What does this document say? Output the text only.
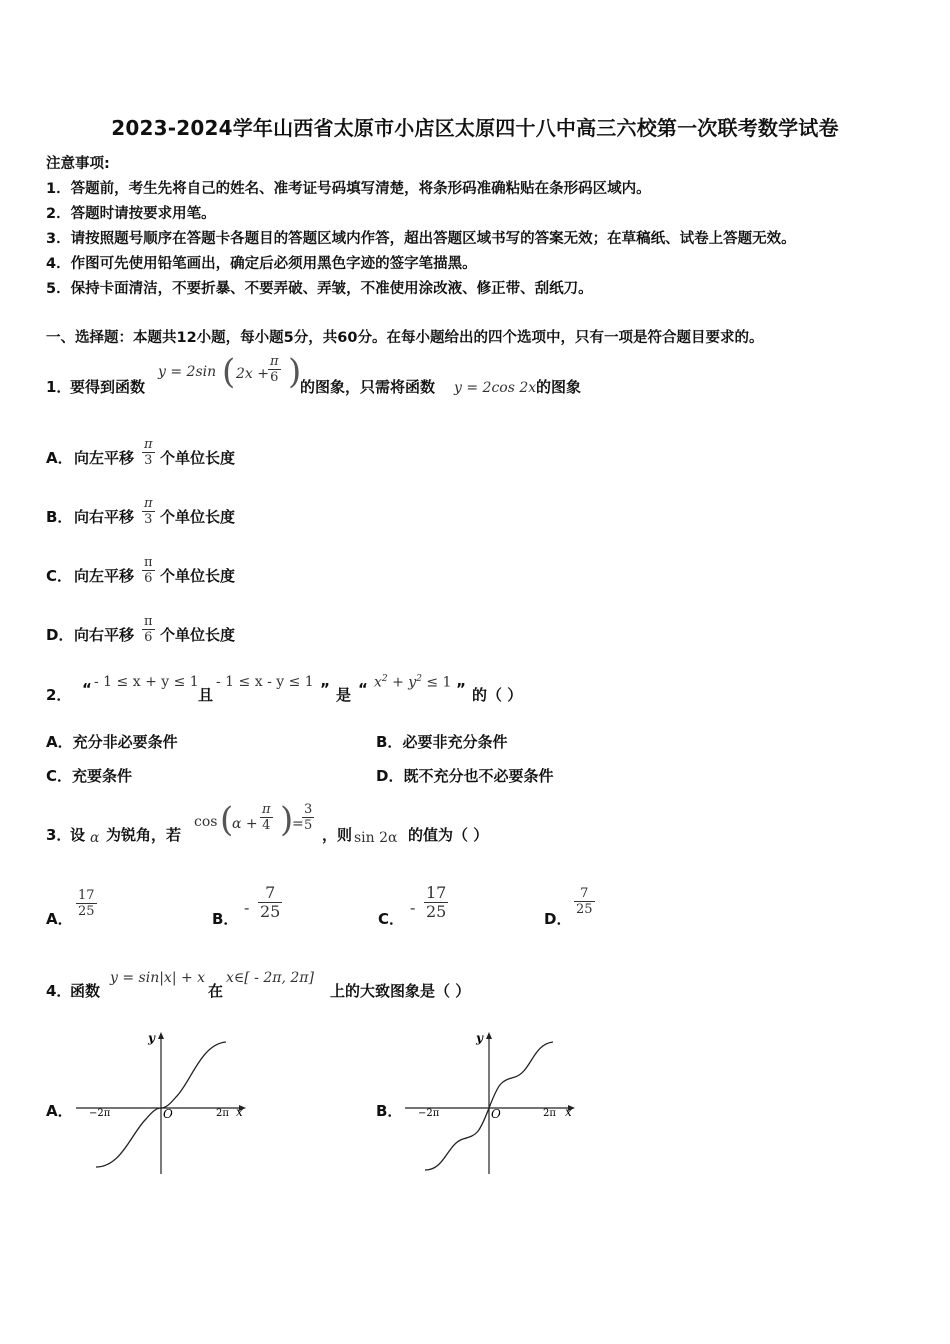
2023-2024学年山西省太原市小店区太原四十八中高三六校第一次联考数学试卷
注意事项:
1．答题前，考生先将自己的姓名、准考证号码填写清楚，将条形码准确粘贴在条形码区域内。
2．答题时请按要求用笔。
3．请按照题号顺序在答题卡各题目的答题区域内作答，超出答题区域书写的答案无效；在草稿纸、试卷上答题无效。
4．作图可先使用铅笔画出，确定后必须用黑色字迹的签字笔描黑。
5．保持卡面清洁，不要折暴、不要弄破、弄皱，不准使用涂改液、修正带、刮纸刀。
一、选择题：本题共12小题，每小题5分，共60分。在每小题给出的四个选项中，只有一项是符合题目要求的。
1．
要得到函数
y = 2sin ( $2x + \frac{\pi}{6}$ )
的图象，只需将函数 y = 2cos 2x 的图象
A． 向左平移 $\frac{\pi}{3}$ 个单位长度
B． 向右平移 $\frac{\pi}{3}$ 个单位长度
C． 向左平移 $\frac{\pi}{6}$ 个单位长度
D． 向右平移 $\frac{\pi}{6}$ 个单位长度
2． “ - 1 ≤ x + y ≤ 1
且
- 1 ≤ x - y ≤ 1 ” 是 “ $x^2 + y^2 \le 1$ ” 的（ ）
A．充分非必要条件	B．必要非充分条件
C．充要条件	D．既不充分也不必要条件
3．
设 α 为锐角，若
cos (
$\alpha + \frac{\pi}{4}$ )
=
$\frac{3}{5}$
，则 sin 2α 的值为（ ）
A． $\frac{17}{25}$	B．
- $\frac{7}{25}$	C．
- $\frac{17}{25}$	D．
$\frac{7}{25}$
4．
函数
y = sin|x| + x
在
x∈[ - 2π, 2π]
上的大致图象是（ ）
A．
y
x
O
−2π	2π	B．
y
x
O
−2π	2π
